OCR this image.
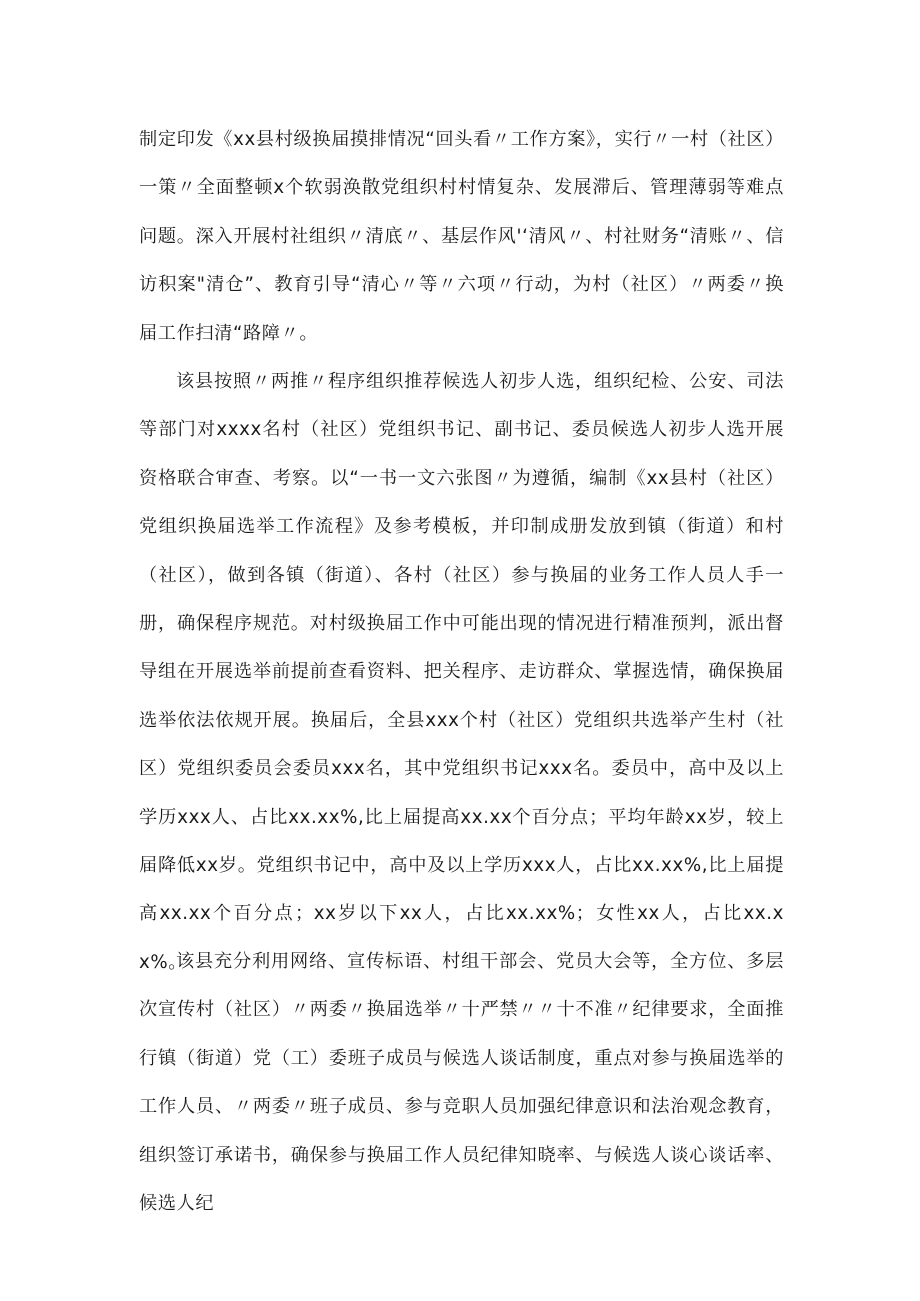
制定印发《xx县村级换届摸排情况“回头看〃工作方案》，实行〃一村（社区）一策〃全面整顿x个软弱涣散党组织村村情复杂、发展滞后、管理薄弱等难点问题。深入开展村社组织〃清底〃、基层作风'‘清风〃、村社财务“清账〃、信访积案"清仓”、教育引导“清心〃等〃六项〃行动，为村（社区）〃两委〃换届工作扫清“路障〃。

该县按照〃两推〃程序组织推荐候选人初步人选，组织纪检、公安、司法等部门对xxxx名村（社区）党组织书记、副书记、委员候选人初步人选开展资格联合审查、考察。以“一书一文六张图〃为遵循，编制《xx县村（社区）党组织换届选举工作流程》及参考模板，并印制成册发放到镇（街道）和村（社区），做到各镇（街道）、各村（社区）参与换届的业务工作人员人手一册，确保程序规范。对村级换届工作中可能出现的情况进行精准预判，派出督导组在开展选举前提前查看资料、把关程序、走访群众、掌握选情，确保换届选举依法依规开展。换届后，全县xxx个村（社区）党组织共选举产生村（社区）党组织委员会委员xxx名，其中党组织书记xxx名。委员中，高中及以上学历xxx人、占比xx.xx%,比上届提高xx.xx个百分点；平均年龄xx岁，较上届降低xx岁。党组织书记中，高中及以上学历xxx人，占比xx.xx%,比上届提高xx.xx个百分点；xx岁以下xx人，占比xx.xx%；女性xx人，占比xx.xx%。

该县充分利用网络、宣传标语、村组干部会、党员大会等，全方位、多层次宣传村（社区）〃两委〃换届选举〃十严禁〃〃十不准〃纪律要求，全面推行镇（街道）党（工）委班子成员与候选人谈话制度，重点对参与换届选举的工作人员、〃两委〃班子成员、参与竞职人员加强纪律意识和法治观念教育，组织签订承诺书，确保参与换届工作人员纪律知晓率、与候选人谈心谈话率、候选人纪
